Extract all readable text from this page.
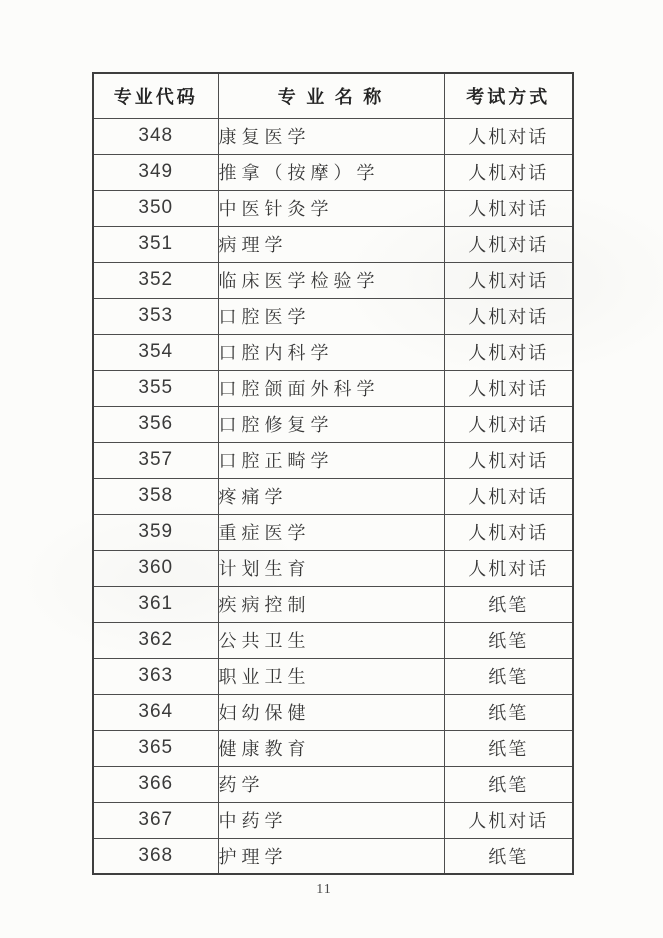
专业代码	专 业 名 称	考试方式
348	康复医学	人机对话
349	推拿（按摩）学	人机对话
350	中医针灸学	人机对话
351	病理学	人机对话
352	临床医学检验学	人机对话
353	口腔医学	人机对话
354	口腔内科学	人机对话
355	口腔颌面外科学	人机对话
356	口腔修复学	人机对话
357	口腔正畸学	人机对话
358	疼痛学	人机对话
359	重症医学	人机对话
360	计划生育	人机对话
361	疾病控制	纸笔
362	公共卫生	纸笔
363	职业卫生	纸笔
364	妇幼保健	纸笔
365	健康教育	纸笔
366	药学	纸笔
367	中药学	人机对话
368	护理学	纸笔
11
